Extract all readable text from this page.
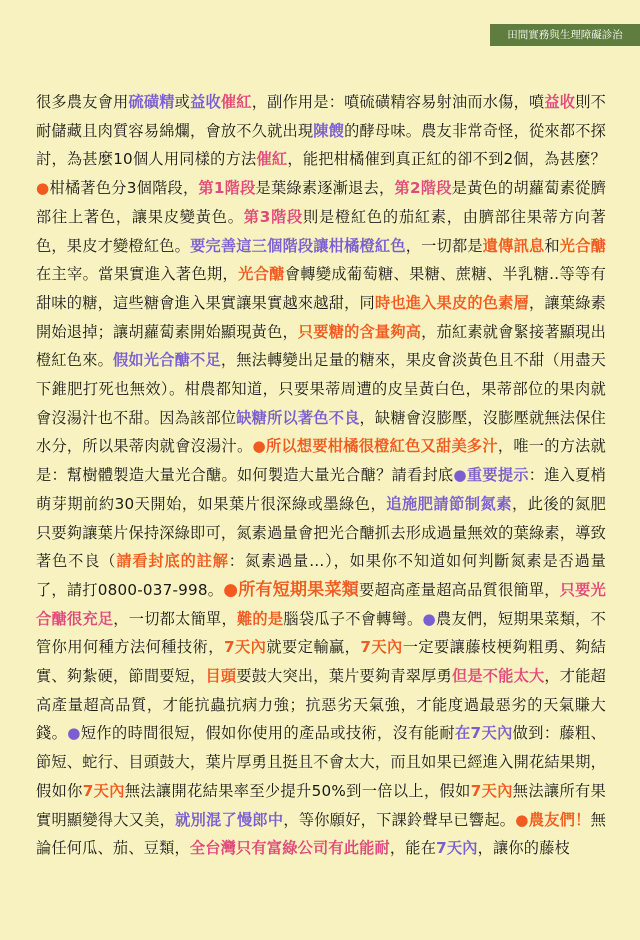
田間實務與生理障礙診治
很多農友會用硫磺精或益收催紅，副作用是：噴硫磺精容易射油而水傷，噴益收則不耐儲藏且肉質容易綿爛，會放不久就出現陳餿的酵母味。農友非常奇怪，從來都不探討，為甚麼10個人用同樣的方法催紅，能把柑橘催到真正紅的卻不到2個，為甚麼？●柑橘著色分3個階段，第1階段是葉綠素逐漸退去，第2階段是黃色的胡蘿蔔素從臍部往上著色，讓果皮變黃色。第3階段則是橙紅色的茄紅素，由臍部往果蒂方向著色，果皮才變橙紅色。要完善這三個階段讓柑橘橙紅色，一切都是遺傳訊息和光合醣在主宰。當果實進入著色期，光合醣會轉變成葡萄糖、果糖、蔗糖、半乳糖‥等等有甜味的糖，這些糖會進入果實讓果實越來越甜，同時也進入果皮的色素層，讓葉綠素開始退掉；讓胡蘿蔔素開始顯現黃色，只要糖的含量夠高，茄紅素就會緊接著顯現出橙紅色來。假如光合醣不足，無法轉變出足量的糖來，果皮會淡黃色且不甜（用盡天下錐肥打死也無效）。柑農都知道，只要果蒂周遭的皮呈黃白色，果蒂部位的果肉就會沒湯汁也不甜。因為該部位缺糖所以著色不良，缺糖會沒膨壓，沒膨壓就無法保住水分，所以果蒂肉就會沒湯汁。●所以想要柑橘很橙紅色又甜美多汁，唯一的方法就是：幫樹體製造大量光合醣。如何製造大量光合醣？請看封底●重要提示：進入夏梢萌芽期前約30天開始，如果葉片很深綠或墨綠色，追施肥請節制氮素，此後的氮肥只要夠讓葉片保持深綠即可，氮素過量會把光合醣抓去形成過量無效的葉綠素，導致著色不良（請看封底的註解：氮素過量…），如果你不知道如何判斷氮素是否過量了，請打0800-037-998。●所有短期果菜類要超高產量超高品質很簡單，只要光合醣很充足，一切都太簡單，難的是腦袋瓜子不會轉彎。●農友們，短期果菜類，不管你用何種方法何種技術，7天內就要定輸贏，7天內一定要讓藤枝梗夠粗勇、夠結實、夠紮硬，節間要短，目頭要鼓大突出，葉片要夠青翠厚勇但是不能太大，才能超高產量超高品質，才能抗蟲抗病力強；抗惡劣天氣強，才能度過最惡劣的天氣賺大錢。●短作的時間很短，假如你使用的產品或技術，沒有能耐在7天內做到：藤粗、節短、蛇行、目頭鼓大，葉片厚勇且挺且不會太大，而且如果已經進入開花結果期，假如你7天內無法讓開花結果率至少提升50%到一倍以上，假如7天內無法讓所有果實明顯變得大又美，就別混了慢郎中，等你願好，下課鈴聲早已響起。●農友們！無論任何瓜、茄、豆類，全台灣只有富綠公司有此能耐，能在7天內，讓你的藤枝
